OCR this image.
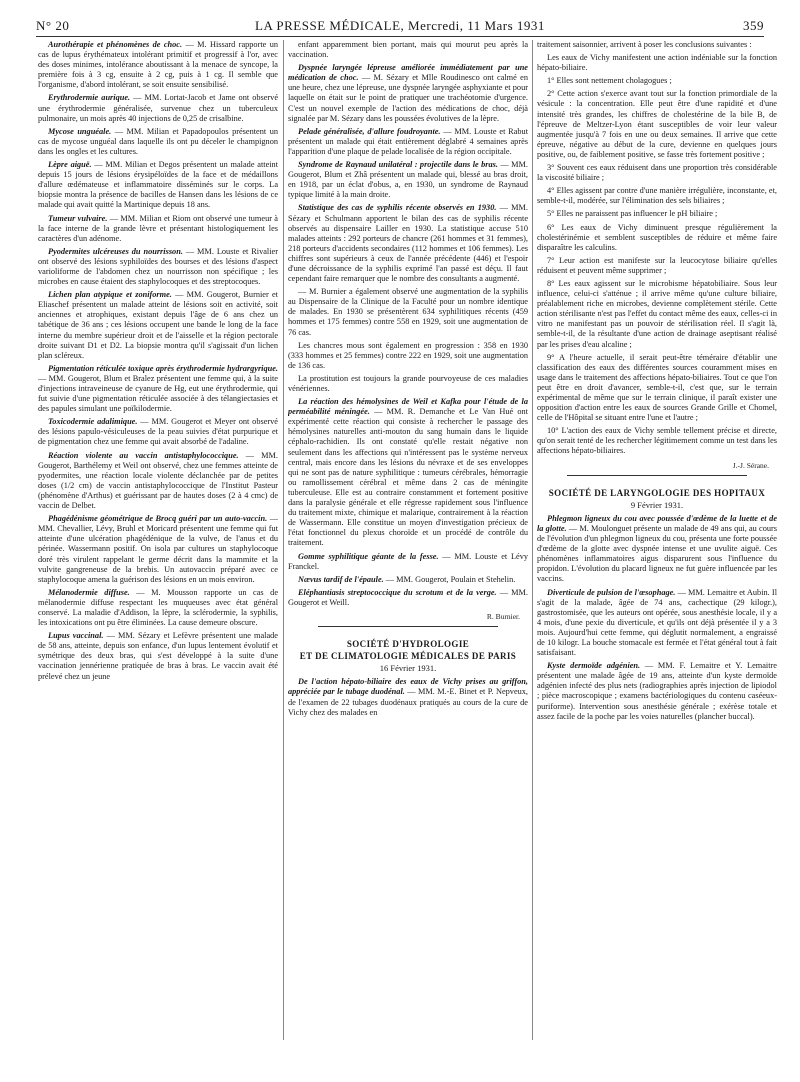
N° 20	LA PRESSE MÉDICALE, Mercredi, 11 Mars 1931	359

Aurothérapie et phénomènes de choc. — M. Hissard rapporte un cas de lupus érythémateux intolérant primitif et progressif à l'or, avec des doses minimes, intolérance aboutissant à la menace de syncope, la première fois à 3 cg, ensuite à 2 cg, puis à 1 cg. Il semble que l'organisme, d'abord intolérant, se soit ensuite sensibilisé.

Erythrodermie aurique. — MM. Lortat-Jacob et Jame ont observé une érythrodermie généralisée, survenue chez un tuberculeux pulmonaire, un mois après 40 injections de 0,25 de crisalbine.

Mycose unguéale. — MM. Milian et Papadopoulos présentent un cas de mycose unguéal dans laquelle ils ont pu déceler le champignon dans les ongles et les cultures.

Lèpre aiguë. — MM. Milian et Degos présentent un malade atteint depuis 15 jours de lésions érysipéloïdes de la face et de médaillons d'allure œdémateuse et inflammatoire disséminés sur le corps. La biopsie montra la présence de bacilles de Hansen dans les lésions de ce malade qui avait quitté la Martinique depuis 18 ans.

Tumeur vulvaire. — MM. Milian et Riom ont observé une tumeur à la face interne de la grande lèvre et présentant histologiquement les caractères d'un adénome.

Pyodermites ulcéreuses du nourrisson. — MM. Louste et Rivalier ont observé des lésions syphiloïdes des bourses et des lésions d'aspect varioliforme de l'abdomen chez un nourrisson non spécifique ; les microbes en cause étaient des staphylocoques et des streptocoques.

Lichen plan atypique et zoniforme. — MM. Gougerot, Burnier et Eliaschef présentent un malade atteint de lésions soit en activité, soit anciennes et atrophiques, existant depuis l'âge de 6 ans chez un tabétique de 36 ans ; ces lésions occupent une bande le long de la face interne du membre supérieur droit et de l'aisselle et la région pectorale droite suivant D1 et D2. La biopsie montra qu'il s'agissait d'un lichen plan scléreux.

Pigmentation réticulée toxique après érythrodermie hydrargyrique. — MM. Gougerot, Blum et Bralez présentent une femme qui, à la suite d'injections intraveineuse de cyanure de Hg, eut une érythrodermie, qui fut suivie d'une pigmentation réticulée associée à des télangiectasies et des papules simulant une poïkilodermie.

Toxicodermie adalimique. — MM. Gougerot et Meyer ont observé des lésions papulo-vésiculeuses de la peau suivies d'état purpurique et de pigmentation chez une femme qui avait absorbé de l'adaline.

Réaction violente au vaccin antistaphylococcique. — MM. Gougerot, Barthélemy et Weil ont observé, chez une femmes atteinte de pyodermites, une réaction locale violente déclanchée par de petites doses (1/2 cm) de vaccin antistaphylococcique de l'Institut Pasteur (phénomène d'Arthus) et guérissant par de hautes doses (2 à 4 cmc) de vaccin de Delbet.

Phagédénisme géométrique de Brocq guéri par un auto-vaccin. — MM. Chevallier, Lévy, Bruhl et Moricard présentent une femme qui fut atteinte d'une ulcération phagédénique de la vulve, de l'anus et du périnée. Wassermann positif. On isola par cultures un staphylocoque doré très virulent rappelant le germe décrit dans la mammite et la vulvite gangreneuse de la brebis. Un autovaccin préparé avec ce staphylocoque amena la guérison des lésions en un mois environ.

Mélanodermie diffuse. — M. Mousson rapporte un cas de mélanodermie diffuse respectant les muqueuses avec état général conservé. La maladie d'Addison, la lèpre, la sclérodermie, la syphilis, les intoxications ont pu être éliminées. La cause demeure obscure.

Lupus vaccinal. — MM. Sézary et Lefèvre présentent une malade de 58 ans, atteinte, depuis son enfance, d'un lupus lentement évolutif et symétrique des deux bras, qui s'est développé à la suite d'une vaccination jennérienne pratiquée de bras à bras. Le vaccin avait été prélevé chez un jeune

enfant apparemment bien portant, mais qui mourut peu après la vaccination.

Dyspnée laryngée lépreuse améliorée immédiatement par une médication de choc. — M. Sézary et Mlle Roudinesco ont calmé en une heure, chez une lépreuse, une dyspnée laryngée asphyxiante et pour laquelle on était sur le point de pratiquer une trachéotomie d'urgence. C'est un nouvel exemple de l'action des médications de choc, déjà signalée par M. Sézary dans les poussées évolutives de la lèpre.

Pelade généralisée, d'allure foudroyante. — MM. Louste et Rabut présentent un malade qui était entièrement déglabré 4 semaines après l'apparition d'une plaque de pelade localisée de la région occipitale.

Syndrome de Raynaud unilatéral : projectile dans le bras. — MM. Gougerot, Blum et Zhâ présentent un malade qui, blessé au bras droit, en 1918, par un éclat d'obus, a, en 1930, un syndrome de Raynaud typique limité à la main droite.

Statistique des cas de syphilis récente observés en 1930. — MM. Sézary et Schulmann apportent le bilan des cas de syphilis récente observés au dispensaire Lailler en 1930. La statistique accuse 510 malades atteints : 292 porteurs de chancre (261 hommes et 31 femmes), 218 porteurs d'accidents secondaires (112 hommes et 106 femmes). Les chiffres sont supérieurs à ceux de l'année précédente (446) et l'espoir d'une décroissance de la syphilis exprimé l'an passé est déçu. Il faut cependant faire remarquer que le nombre des consultants a augmenté.

— M. Burnier a également observé une augmentation de la syphilis au Dispensaire de la Clinique de la Faculté pour un nombre identique de malades. En 1930 se présentèrent 634 syphilitiques récents (459 hommes et 175 femmes) contre 558 en 1929, soit une augmentation de 76 cas.

Les chancres mous sont également en progression : 358 en 1930 (333 hommes et 25 femmes) contre 222 en 1929, soit une augmentation de 136 cas.

La prostitution est toujours la grande pourvoyeuse de ces maladies vénériennes.

La réaction des hémolysines de Weil et Kafka pour l'étude de la perméabilité méningée. — MM. R. Demanche et Le Van Hué ont expérimenté cette réaction qui consiste à rechercher le passage des hémolysines naturelles anti-mouton du sang humain dans le liquide céphalo-rachidien. Ils ont constaté qu'elle restait négative non seulement dans les affections qui n'intéressent pas le système nerveux central, mais encore dans les lésions du névraxe et de ses enveloppes qui ne sont pas de nature syphilitique : tumeurs cérébrales, hémorragie ou ramollissement cérébral et même dans 2 cas de méningite tuberculeuse. Elle est au contraire constamment et fortement positive dans la paralysie générale et elle régresse rapidement sous l'influence du traitement mixte, chimique et malarique, contrairement à la réaction de Wassermann. Elle constitue un moyen d'investigation précieux de l'état fonctionnel du plexus choroïde et un procédé de contrôle du traitement.

Gomme syphilitique géante de la fesse. — MM. Louste et Lévy Franckel.

Nævus tardif de l'épaule. — MM. Gougerot, Poulain et Stehelin.

Eléphantiasis streptococcique du scrotum et de la verge. — MM. Gougerot et Weill.

R. Burnier.

SOCIÉTÉ D'HYDROLOGIE

ET DE CLIMATOLOGIE MÉDICALES DE PARIS

16 Février 1931.

De l'action hépato-biliaire des eaux de Vichy prises au griffon, appréciée par le tubage duodénal. — MM. M.-E. Binet et P. Nepveux, de l'examen de 22 tubages duodénaux pratiqués au cours de la cure de Vichy chez des malades en

traitement saisonnier, arrivent à poser les conclusions suivantes :

Les eaux de Vichy manifestent une action indéniable sur la fonction hépato-biliaire.

1° Elles sont nettement cholagogues ;

2° Cette action s'exerce avant tout sur la fonction primordiale de la vésicule : la concentration. Elle peut être d'une rapidité et d'une intensité très grandes, les chiffres de cholestérine de la bile B, de l'épreuve de Meltzer-Lyon étant susceptibles de voir leur valeur augmentée jusqu'à 7 fois en une ou deux semaines. Il arrive que cette épreuve, négative au début de la cure, devienne en quelques jours positive, ou, de faiblement positive, se fasse très fortement positive ;

3° Souvent ces eaux réduisent dans une proportion très considérable la viscosité biliaire ;

4° Elles agissent par contre d'une manière irrégulière, inconstante, et, semble-t-il, modérée, sur l'élimination des sels biliaires ;

5° Elles ne paraissent pas influencer le pH biliaire ;

6° Les eaux de Vichy diminuent presque régulièrement la cholestérinémie et semblent susceptibles de réduire et même faire disparaître les calculins.

7° Leur action est manifeste sur la leucocytose biliaire qu'elles réduisent et peuvent même supprimer ;

8° Les eaux agissent sur le microbisme hépatobiliaire. Sous leur influence, celui-ci s'atténue ; il arrive même qu'une culture biliaire, préalablement riche en microbes, devienne complètement stérile. Cette action stérilisante n'est pas l'effet du contact même des eaux, celles-ci in vitro ne manifestant pas un pouvoir de stérilisation réel. Il s'agit là, semble-t-il, de la résultante d'une action de drainage aseptisant réalisé par les prises d'eau alcaline ;

9° A l'heure actuelle, il serait peut-être téméraire d'établir une classification des eaux des différentes sources couramment mises en usage dans le traitement des affections hépato-biliaires. Tout ce que l'on peut être en droit d'avancer, semble-t-il, c'est que, sur le terrain expérimental de même que sur le terrain clinique, il paraît exister une opposition d'action entre les eaux de sources Grande Grille et Chomel, celle de l'Hôpital se situant entre l'une et l'autre ;

10° L'action des eaux de Vichy semble tellement précise et directe, qu'on serait tenté de les rechercher légitimement comme un test dans les affections hépato-biliaires.

J.-J. Sérane.

SOCIÉTÉ DE LARYNGOLOGIE DES HOPITAUX

9 Février 1931.

Phlegmon ligneux du cou avec poussée d'œdème de la luette et de la glotte. — M. Moulonguet présente un malade de 49 ans qui, au cours de l'évolution d'un phlegmon ligneux du cou, présenta une forte poussée d'œdème de la glotte avec dyspnée intense et une uvulite aiguë. Ces phénomènes inflammatoires aigus disparurent sous l'influence du propidon. L'évolution du placard ligneux ne fut guère influencée par les vaccins.

Diverticule de pulsion de l'œsophage. — MM. Lemaitre et Aubin. Il s'agit de la malade, âgée de 74 ans, cachectique (29 kilogr.), gastrostomisée, que les auteurs ont opérée, sous anesthésie locale, il y a 4 mois, d'une pexie du diverticule, et qu'ils ont déjà présentée il y a 3 mois. Aujourd'hui cette femme, qui déglutit normalement, a engraissé de 10 kilogr. La bouche stomacale est fermée et l'état général tout à fait satisfaisant.

Kyste dermoïde adgénien. — MM. F. Lemaitre et Y. Lemaitre présentent une malade âgée de 19 ans, atteinte d'un kyste dermoïde adgénien infecté des plus nets (radiographies après injection de lipiodol ; pièce macroscopique ; examens bactériologiques du contenu caséeux-puriforme). Intervention sous anesthésie générale ; exérèse totale et assez facile de la poche par les voies naturelles (plancher buccal).
